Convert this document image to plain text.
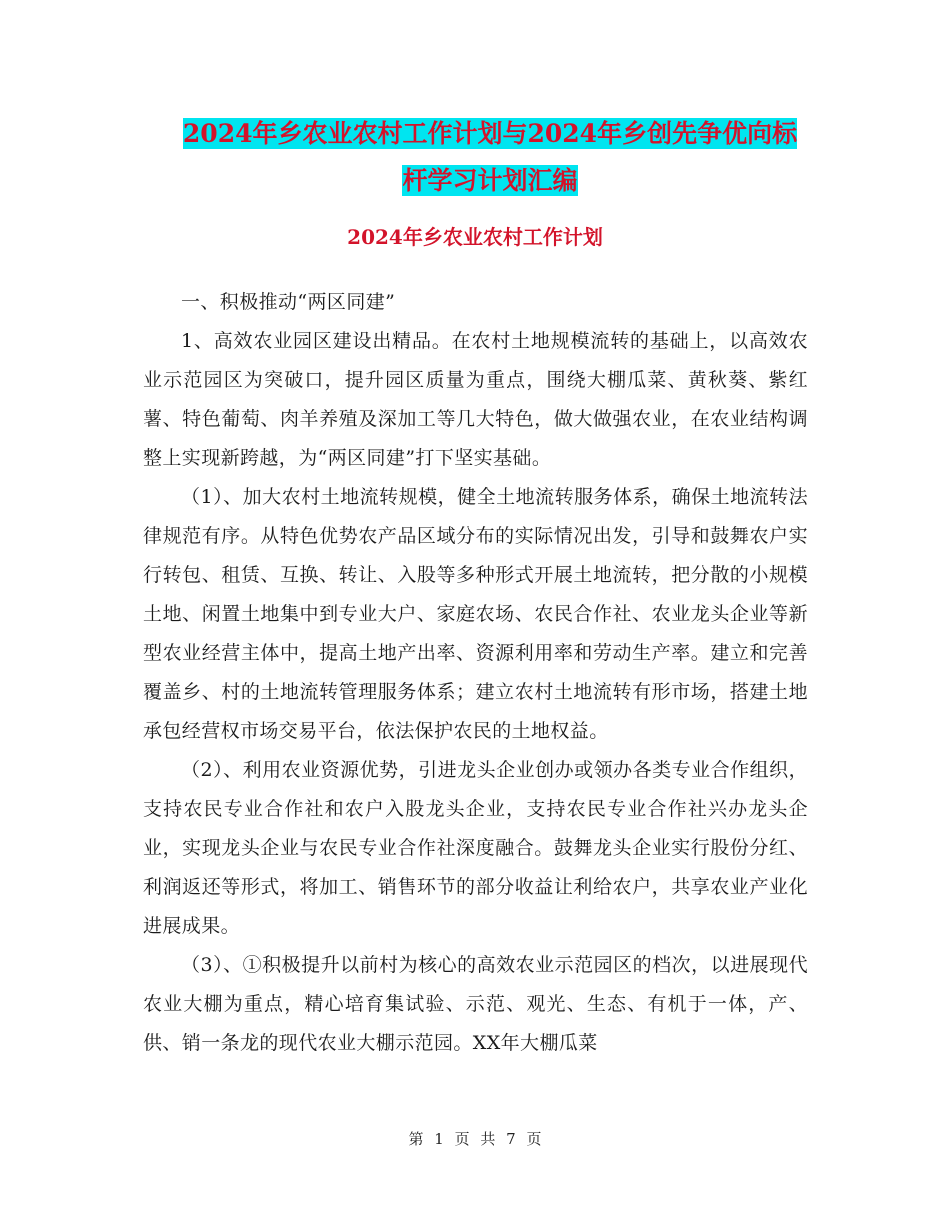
2024年乡农业农村工作计划与2024年乡创先争优向标
杆学习计划汇编
2024年乡农业农村工作计划

一、积极推动“两区同建”

1、高效农业园区建设出精品。在农村土地规模流转的基础上，以高效农业示范园区为突破口，提升园区质量为重点，围绕大棚瓜菜、黄秋葵、紫红薯、特色葡萄、肉羊养殖及深加工等几大特色，做大做强农业，在农业结构调整上实现新跨越，为“两区同建”打下坚实基础。

（1）、加大农村土地流转规模，健全土地流转服务体系，确保土地流转法律规范有序。从特色优势农产品区域分布的实际情况出发，引导和鼓舞农户实行转包、租赁、互换、转让、入股等多种形式开展土地流转，把分散的小规模土地、闲置土地集中到专业大户、家庭农场、农民合作社、农业龙头企业等新型农业经营主体中，提高土地产出率、资源利用率和劳动生产率。建立和完善覆盖乡、村的土地流转管理服务体系；建立农村土地流转有形市场，搭建土地承包经营权市场交易平台，依法保护农民的土地权益。

（2）、利用农业资源优势，引进龙头企业创办或领办各类专业合作组织，支持农民专业合作社和农户入股龙头企业，支持农民专业合作社兴办龙头企业，实现龙头企业与农民专业合作社深度融合。鼓舞龙头企业实行股份分红、利润返还等形式，将加工、销售环节的部分收益让利给农户，共享农业产业化进展成果。

（3）、①积极提升以前村为核心的高效农业示范园区的档次，以进展现代农业大棚为重点，精心培育集试验、示范、观光、生态、有机于一体，产、供、销一条龙的现代农业大棚示范园。XX年大棚瓜菜

第 1 页 共 7 页
